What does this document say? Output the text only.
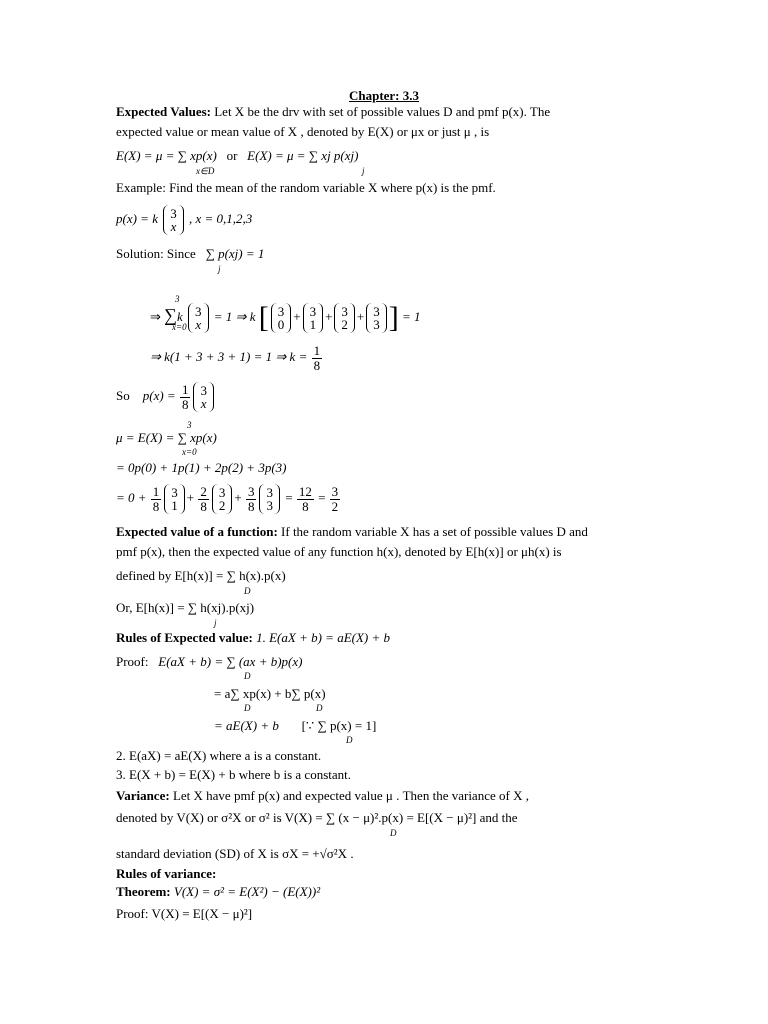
Chapter: 3.3
Expected Values: Let X be the drv with set of possible values D and pmf p(x). The
expected value or mean value of X , denoted by E(X) or μx or just μ , is
E(X) = μ = ∑ xp(x) or E(X) = μ = ∑ xj p(xj)
x∈D	j
Example: Find the mean of the random variable X where p(x) is the pmf.
p(x) = k 3
x
, x = 0,1,2,3
Solution: Since ∑ p(xj) = 1
j
3
⇒ ∑k 3
x
= 1 ⇒ k [ 3
0
+ 3
1
+ 3
2
+ 3
3 ] = 1
x=0
⇒ k(1 + 3 + 3 + 1) = 1 ⇒ $k = \frac{1}{8}$
So $p(x) = \frac{1}{8} 3$
x
3
μ = E(X) = ∑ xp(x)
x=0
= 0p(0) + 1p(1) + 2p(2) + 3p(3)
= $0 + \frac{1}{8} 3$
1
+ $\frac{2}{8} 3$
2
+ $\frac{3}{8} 3$
3
= $\frac{12}{8} = \frac{3}{2}$
Expected value of a function: If the random variable X has a set of possible values D and
pmf p(x), then the expected value of any function h(x), denoted by E[h(x)] or μh(x) is
defined by E[h(x)] = ∑ h(x).p(x)
D
Or, E[h(x)] = ∑ h(xj).p(xj)
j
Rules of Expected value: 1. E(aX + b) = aE(X) + b
Proof: E(aX + b) = ∑ (ax + b)p(x)
D
= a∑ xp(x) + b∑ p(x)
D	D
= aE(X) + b [∵ ∑ p(x) = 1]
D
2. E(aX) = aE(X) where a is a constant.
3. E(X + b) = E(X) + b where b is a constant.
Variance: Let X have pmf p(x) and expected value μ . Then the variance of X ,
denoted by V(X) or σ²X or σ² is V(X) = ∑ (x − μ)².p(x) = E[(X − μ)²] and the
D
standard deviation (SD) of X is σX = +√σ²X .
Rules of variance:
Theorem: V(X) = σ² = E(X²) − (E(X))²
Proof: V(X) = E[(X − μ)²]
